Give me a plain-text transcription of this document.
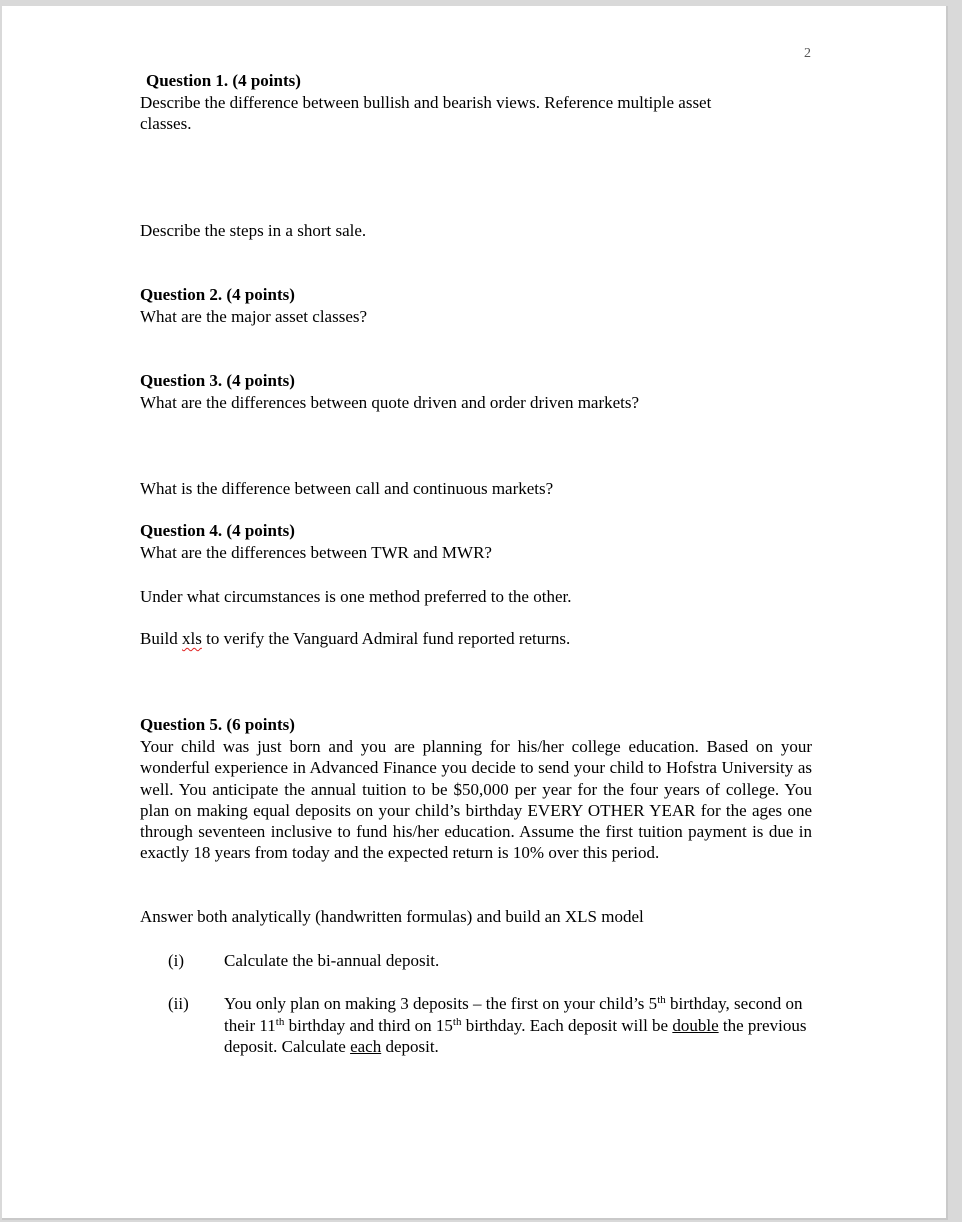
2
Question 1. (4 points)
Describe the difference between bullish and bearish views. Reference multiple asset
classes.
Describe the steps in a short sale.
Question 2. (4 points)
What are the major asset classes?
Question 3. (4 points)
What are the differences between quote driven and order driven markets?
What is the difference between call and continuous markets?
Question 4. (4 points)
What are the differences between TWR and MWR?
Under what circumstances is one method preferred to the other.
Build xls to verify the Vanguard Admiral fund reported returns.
Question 5. (6 points)
Your child was just born and you are planning for his/her college education. Based on your wonderful experience in Advanced Finance you decide to send your child to Hofstra University as well. You anticipate the annual tuition to be $50,000 per year for the four years of college. You plan on making equal deposits on your child’s birthday EVERY OTHER YEAR for the ages one through seventeen inclusive to fund his/her education. Assume the first tuition payment is due in exactly 18 years from today and the expected return is 10% over this period.
Answer both analytically (handwritten formulas) and build an XLS model
(i) Calculate the bi-annual deposit.
(ii) You only plan on making 3 deposits – the first on your child’s 5th birthday, second on their 11th birthday and third on 15th birthday. Each deposit will be double the previous deposit. Calculate each deposit.
